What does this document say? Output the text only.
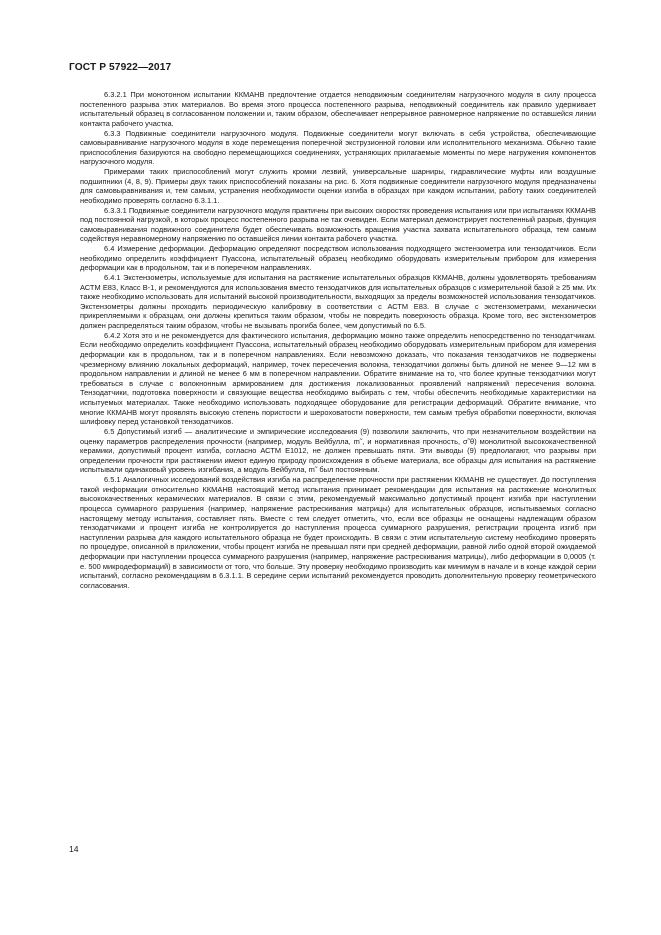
ГОСТ Р 57922—2017

6.3.2.1 При монотонном испытании ККМАНВ предпочтение отдается неподвижным соединителям нагрузочного модуля в силу процесса постепенного разрыва этих материалов. Во время этого процесса постепенного разрыва, неподвижный соединитель как правило удерживает испытательный образец в согласованном положении и, таким образом, обеспечивает непрерывное равномерное напряжение по оставшейся линии контакта рабочего участка.

6.3.3 Подвижные соединители нагрузочного модуля. Подвижные соединители могут включать в себя устройства, обеспечивающие самовыравнивание нагрузочного модуля в ходе перемещения поперечной экструзионной головки или исполнительного механизма. Обычно такие приспособления базируются на свободно перемещающихся соединениях, устраняющих прилагаемые моменты по мере нагружения компонентов нагрузочного модуля.

Примерами таких приспособлений могут служить кромки лезвий, универсальные шарниры, гидравлические муфты или воздушные подшипники (4, 8, 9). Примеры двух таких приспособлений показаны на рис. 6. Хотя подвижные соединители нагрузочного модуля предназначены для самовыравнивания и, тем самым, устранения необходимости оценки изгиба в образцах при каждом испытании, работу таких соединителей необходимо проверять согласно 6.3.1.1.

6.3.3.1 Подвижные соединители нагрузочного модуля практичны при высоких скоростях проведения испытания или при испытаниях ККМАНВ под постоянной нагрузкой, в которых процесс постепенного разрыва не так очевиден. Если материал демонстрирует постепенный разрыв, функция самовыравнивания подвижного соединителя будет обеспечивать возможность вращения участка захвата испытательного образца, тем самым содействуя неравномерному напряжению по оставшейся линии контакта рабочего участка.

6.4 Измерение деформации. Деформацию определяют посредством использования подходящего экстензометра или тензодатчиков. Если необходимо определить коэффициент Пуассона, испытательный образец необходимо оборудовать измерительным прибором для измерения деформации как в продольном, так и в поперечном направлениях.

6.4.1 Экстензометры, используемые для испытания на растяжение испытательных образцов ККМАНВ, должны удовлетворять требованиям АСТМ Е83, Класс В-1, и рекомендуются для использования вместо тензодатчиков для испытательных образцов с измерительной базой ≥ 25 мм. Их также необходимо использовать для испытаний высокой производительности, выходящих за пределы возможностей использования тензодатчиков. Экстензометры должны проходить периодическую калибровку в соответствии с АСТМ Е83. В случае с экстензометрами, механически прикрепляемыми к образцам, они должны крепиться таким образом, чтобы не повредить поверхность образца. Кроме того, вес экстензометров должен распределяться таким образом, чтобы не вызывать прогиба более, чем допустимый по 6.5.

6.4.2 Хотя это и не рекомендуется для фактического испытания, деформацию можно также определить непосредственно по тензодатчикам. Если необходимо определить коэффициент Пуассона, испытательный образец необходимо оборудовать измерительным прибором для измерения деформации как в продольном, так и в поперечном направлениях. Если невозможно доказать, что показания тензодатчиков не подвержены чрезмерному влиянию локальных деформаций, например, точек пересечения волокна, тензодатчики должны быть длиной не менее 9—12 мм в продольном направлении и длиной не менее 6 мм в поперечном направлении. Обратите внимание на то, что более крупные тензодатчики могут требоваться в случае с волокнонным армированием для достижения локализованных проявлений напряжений пересечения волокна. Тензодатчики, подготовка поверхности и связующие вещества необходимо выбирать с тем, чтобы обеспечить необходимые характеристики на испытуемых материалах. Также необходимо использовать подходящее оборудование для регистрации деформаций. Обратите внимание, что многие ККМАНВ могут проявлять высокую степень пористости и шероховатости поверхности, тем самым требуя обработки поверхности, включая шлифовку перед установкой тензодатчиков.

6.5 Допустимый изгиб — аналитические и эмпирические исследования (9) позволили заключить, что при незначительном воздействии на оценку параметров распределения прочности (например, модуль Вейбулла, m˜, и нормативная прочность, σ˜θ) монолитной высококачественной керамики, допустимый процент изгиба, согласно АСТМ Е1012, не должен превышать пяти. Эти выводы (9) предполагают, что разрывы при определении прочности при растяжении имеют единую природу происхождения в объеме материала, все образцы для испытания на растяжение испытывали одинаковый уровень изгибания, а модуль Вейбулла, m˜ был постоянным.

6.5.1 Аналогичных исследований воздействия изгиба на распределение прочности при растяжении ККМАНВ не существует. До поступления такой информации относительно ККМАНВ настоящий метод испытания принимает рекомендации для испытания на растяжение монолитных высококачественных керамических материалов. В связи с этим, рекомендуемый максимально допустимый процент изгиба при наступлении процесса суммарного разрушения (например, напряжение растрескивания матрицы) для испытательных образцов, испытываемых согласно настоящему методу испытания, составляет пять. Вместе с тем следует отметить, что, если все образцы не оснащены надлежащим образом тензодатчиками и процент изгиба не контролируется до наступления процесса суммарного разрушения, регистрации процента изгиб при наступлении разрыва для каждого испытательного образца не будет происходить. В связи с этим испытательную систему необходимо проверять по процедуре, описанной в приложении, чтобы процент изгиба не превышал пяти при средней деформации, равной либо одной второй ожидаемой деформации при наступлении процесса суммарного разрушения (например, напряжение растрескивания матрицы), либо деформации в 0,0005 (т. е. 500 микродеформаций) в зависимости от того, что больше. Эту проверку необходимо производить как минимум в начале и в конце каждой серии испытаний, согласно рекомендациям в 6.3.1.1. В середине серии испытаний рекомендуется проводить дополнительную проверку геометрического согласования.

14
